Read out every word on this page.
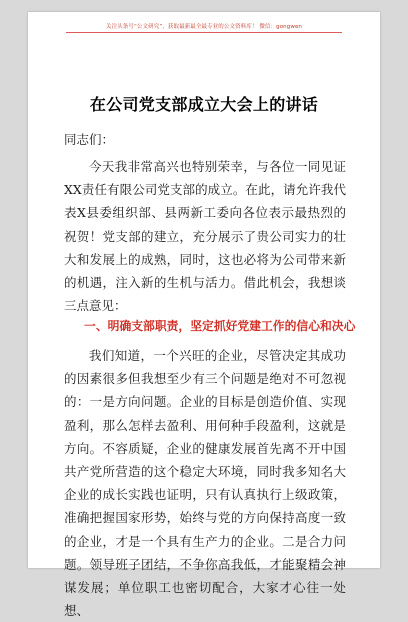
关注头条号“公文研究”，获取最新最全最专业的公文资料库！ 微信：gongwen
在公司党支部成立大会上的讲话
同志们：
今天我非常高兴也特别荣幸，与各位一同见证XX责任有限公司党支部的成立。在此，请允许我代表X县委组织部、县两新工委向各位表示最热烈的祝贺！党支部的建立，充分展示了贵公司实力的壮大和发展上的成熟，同时，这也必将为公司带来新的机遇，注入新的生机与活力。借此机会，我想谈三点意见：
一、明确支部职责，坚定抓好党建工作的信心和决心
我们知道，一个兴旺的企业，尽管决定其成功的因素很多但我想至少有三个问题是绝对不可忽视的：一是方向问题。企业的目标是创造价值、实现盈利，那么怎样去盈利、用何种手段盈利，这就是方向。不容质疑，企业的健康发展首先离不开中国共产党所营造的这个稳定大环境，同时我多知名大企业的成长实践也证明，只有认真执行上级政策，准确把握国家形势，始终与党的方向保持高度一致的企业，才是一个具有生产力的企业。二是合力问题。领导班子团结，不争你高我低，才能聚精会神谋发展；单位职工也密切配合，大家才心往一处想、
